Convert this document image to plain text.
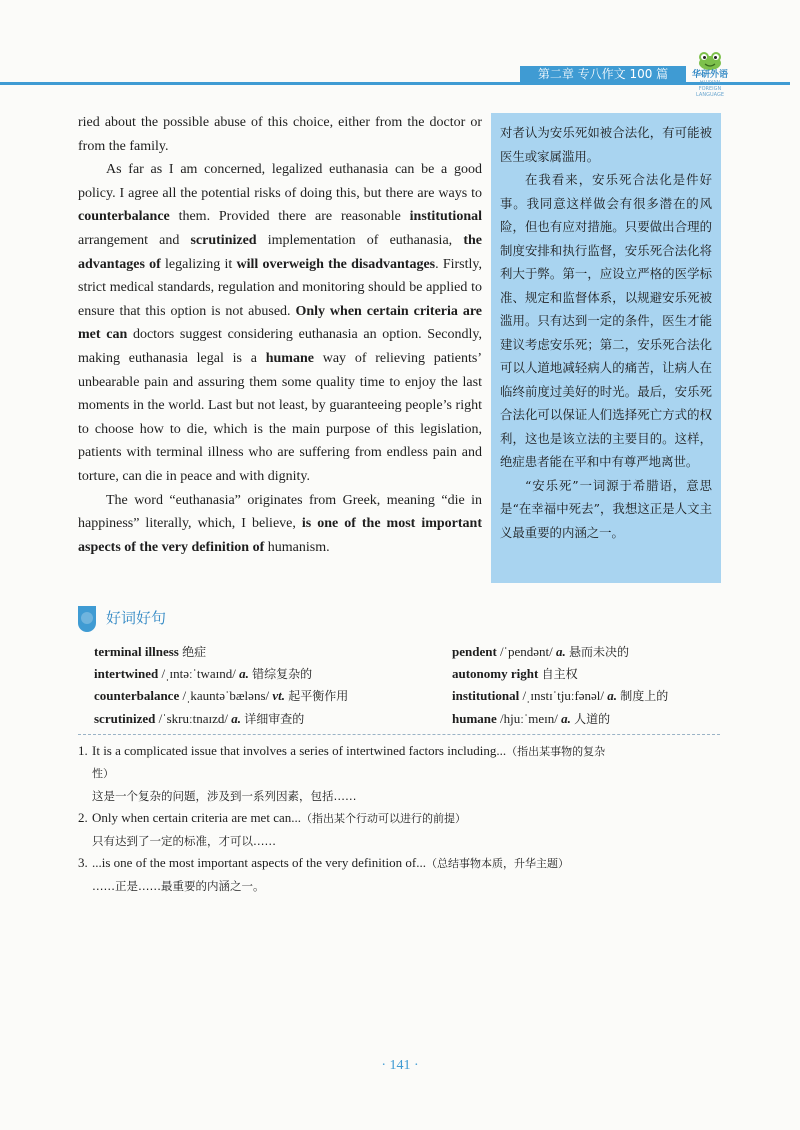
第二章 专八作文 100 篇	华研外语
HUAYAN FOREIGN LANGUAGE

ried about the possible abuse of this choice, either from the doctor or from the family.

As far as I am concerned, legalized euthanasia can be a good policy. I agree all the potential risks of doing this, but there are ways to counterbalance them. Provided there are reasonable institutional arrangement and scrutinized implementation of euthanasia, the advantages of legalizing it will overweigh the disadvantages. Firstly, strict medical standards, regulation and monitoring should be applied to ensure that this option is not abused. Only when certain criteria are met can doctors suggest considering euthanasia an option. Secondly, making euthanasia legal is a humane way of relieving patients’ unbearable pain and assuring them some quality time to enjoy the last moments in the world. Last but not least, by guaranteeing people’s right to choose how to die, which is the main purpose of this legislation, patients with terminal illness who are suffering from endless pain and torture, can die in peace and with dignity.

The word “euthanasia” originates from Greek, meaning “die in happiness” literally, which, I believe, is one of the most important aspects of the very definition of humanism.

对者认为安乐死如被合法化，有可能被医生或家属滥用。

在我看来，安乐死合法化是件好事。我同意这样做会有很多潜在的风险，但也有应对措施。只要做出合理的制度安排和执行监督，安乐死合法化将利大于弊。第一，应设立严格的医学标准、规定和监督体系，以规避安乐死被滥用。只有达到一定的条件，医生才能建议考虑安乐死；第二，安乐死合法化可以人道地减轻病人的痛苦，让病人在临终前度过美好的时光。最后，安乐死合法化可以保证人们选择死亡方式的权利，这也是该立法的主要目的。这样，绝症患者能在平和中有尊严地离世。

“安乐死”一词源于希腊语，意思是“在幸福中死去”，我想这正是人文主义最重要的内涵之一。

好词好句
terminal illness 绝症
intertwined /ˌɪntəːˈtwaɪnd/ a. 错综复杂的
counterbalance /ˌkauntəˈbæləns/ vt. 起平衡作用
scrutinized /ˈskruːtnaɪzd/ a. 详细审查的
pendent /ˈpendənt/ a. 悬而未决的
autonomy right 自主权
institutional /ˌɪnstɪˈtjuːfənəl/ a. 制度上的
humane /hjuːˈmeɪn/ a. 人道的

1. It is a complicated issue that involves a series of intertwined factors including...（指出某事物的复杂

性）

这是一个复杂的问题，涉及到一系列因素，包括……

2. Only when certain criteria are met can...（指出某个行动可以进行的前提）

只有达到了一定的标准，才可以……

3. ...is one of the most important aspects of the very definition of...（总结事物本质，升华主题）

……正是……最重要的内涵之一。

· 141 ·
